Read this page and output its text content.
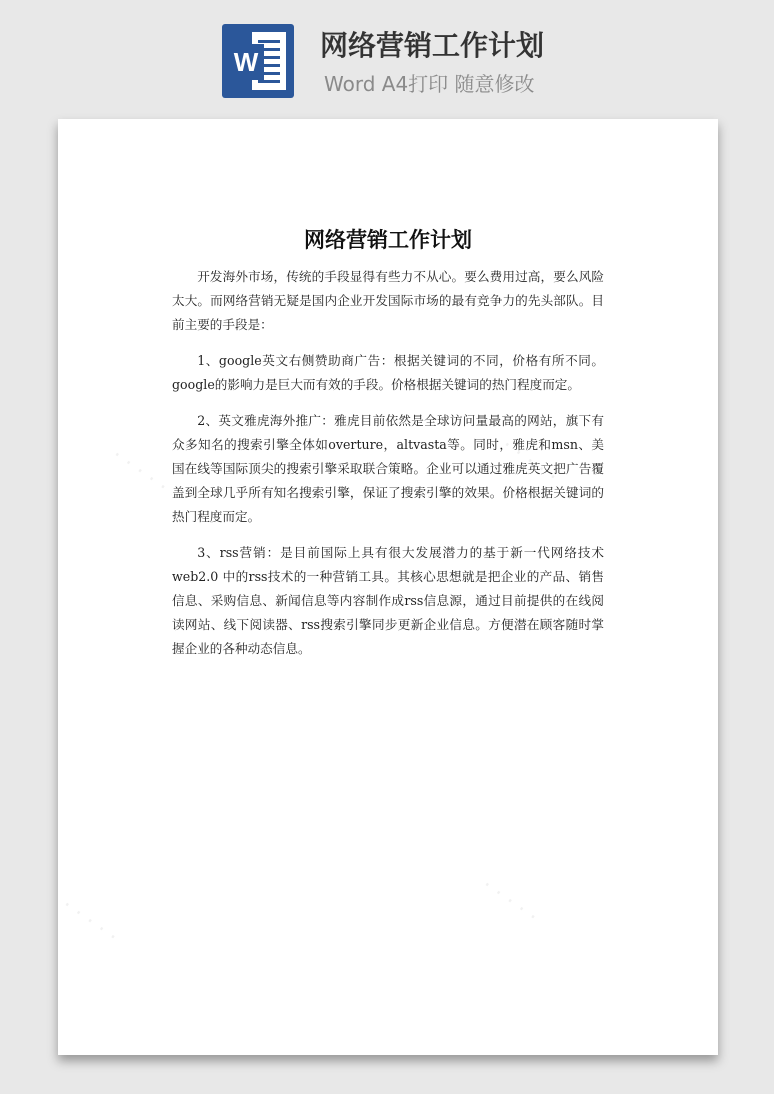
W 网络营销工作计划
Word A4打印 随意修改
· · · · ·	· · · · ·
· · · · ·	· · · · ·
网络营销工作计划

开发海外市场，传统的手段显得有些力不从心。要么费用过高，要么风险太大。而网络营销无疑是国内企业开发国际市场的最有竞争力的先头部队。目前主要的手段是：

1、google英文右侧赞助商广告：根据关键词的不同，价格有所不同。google的影响力是巨大而有效的手段。价格根据关键词的热门程度而定。

2、英文雅虎海外推广：雅虎目前依然是全球访问量最高的网站，旗下有众多知名的搜索引擎全体如overture，altvasta等。同时，雅虎和msn、美国在线等国际顶尖的搜索引擎采取联合策略。企业可以通过雅虎英文把广告覆盖到全球几乎所有知名搜索引擎，保证了搜索引擎的效果。价格根据关键词的热门程度而定。

3、rss营销：是目前国际上具有很大发展潜力的基于新一代网络技术web2.0 中的rss技术的一种营销工具。其核心思想就是把企业的产品、销售信息、采购信息、新闻信息等内容制作成rss信息源，通过目前提供的在线阅读网站、线下阅读器、rss搜索引擎同步更新企业信息。方便潜在顾客随时掌握企业的各种动态信息。
